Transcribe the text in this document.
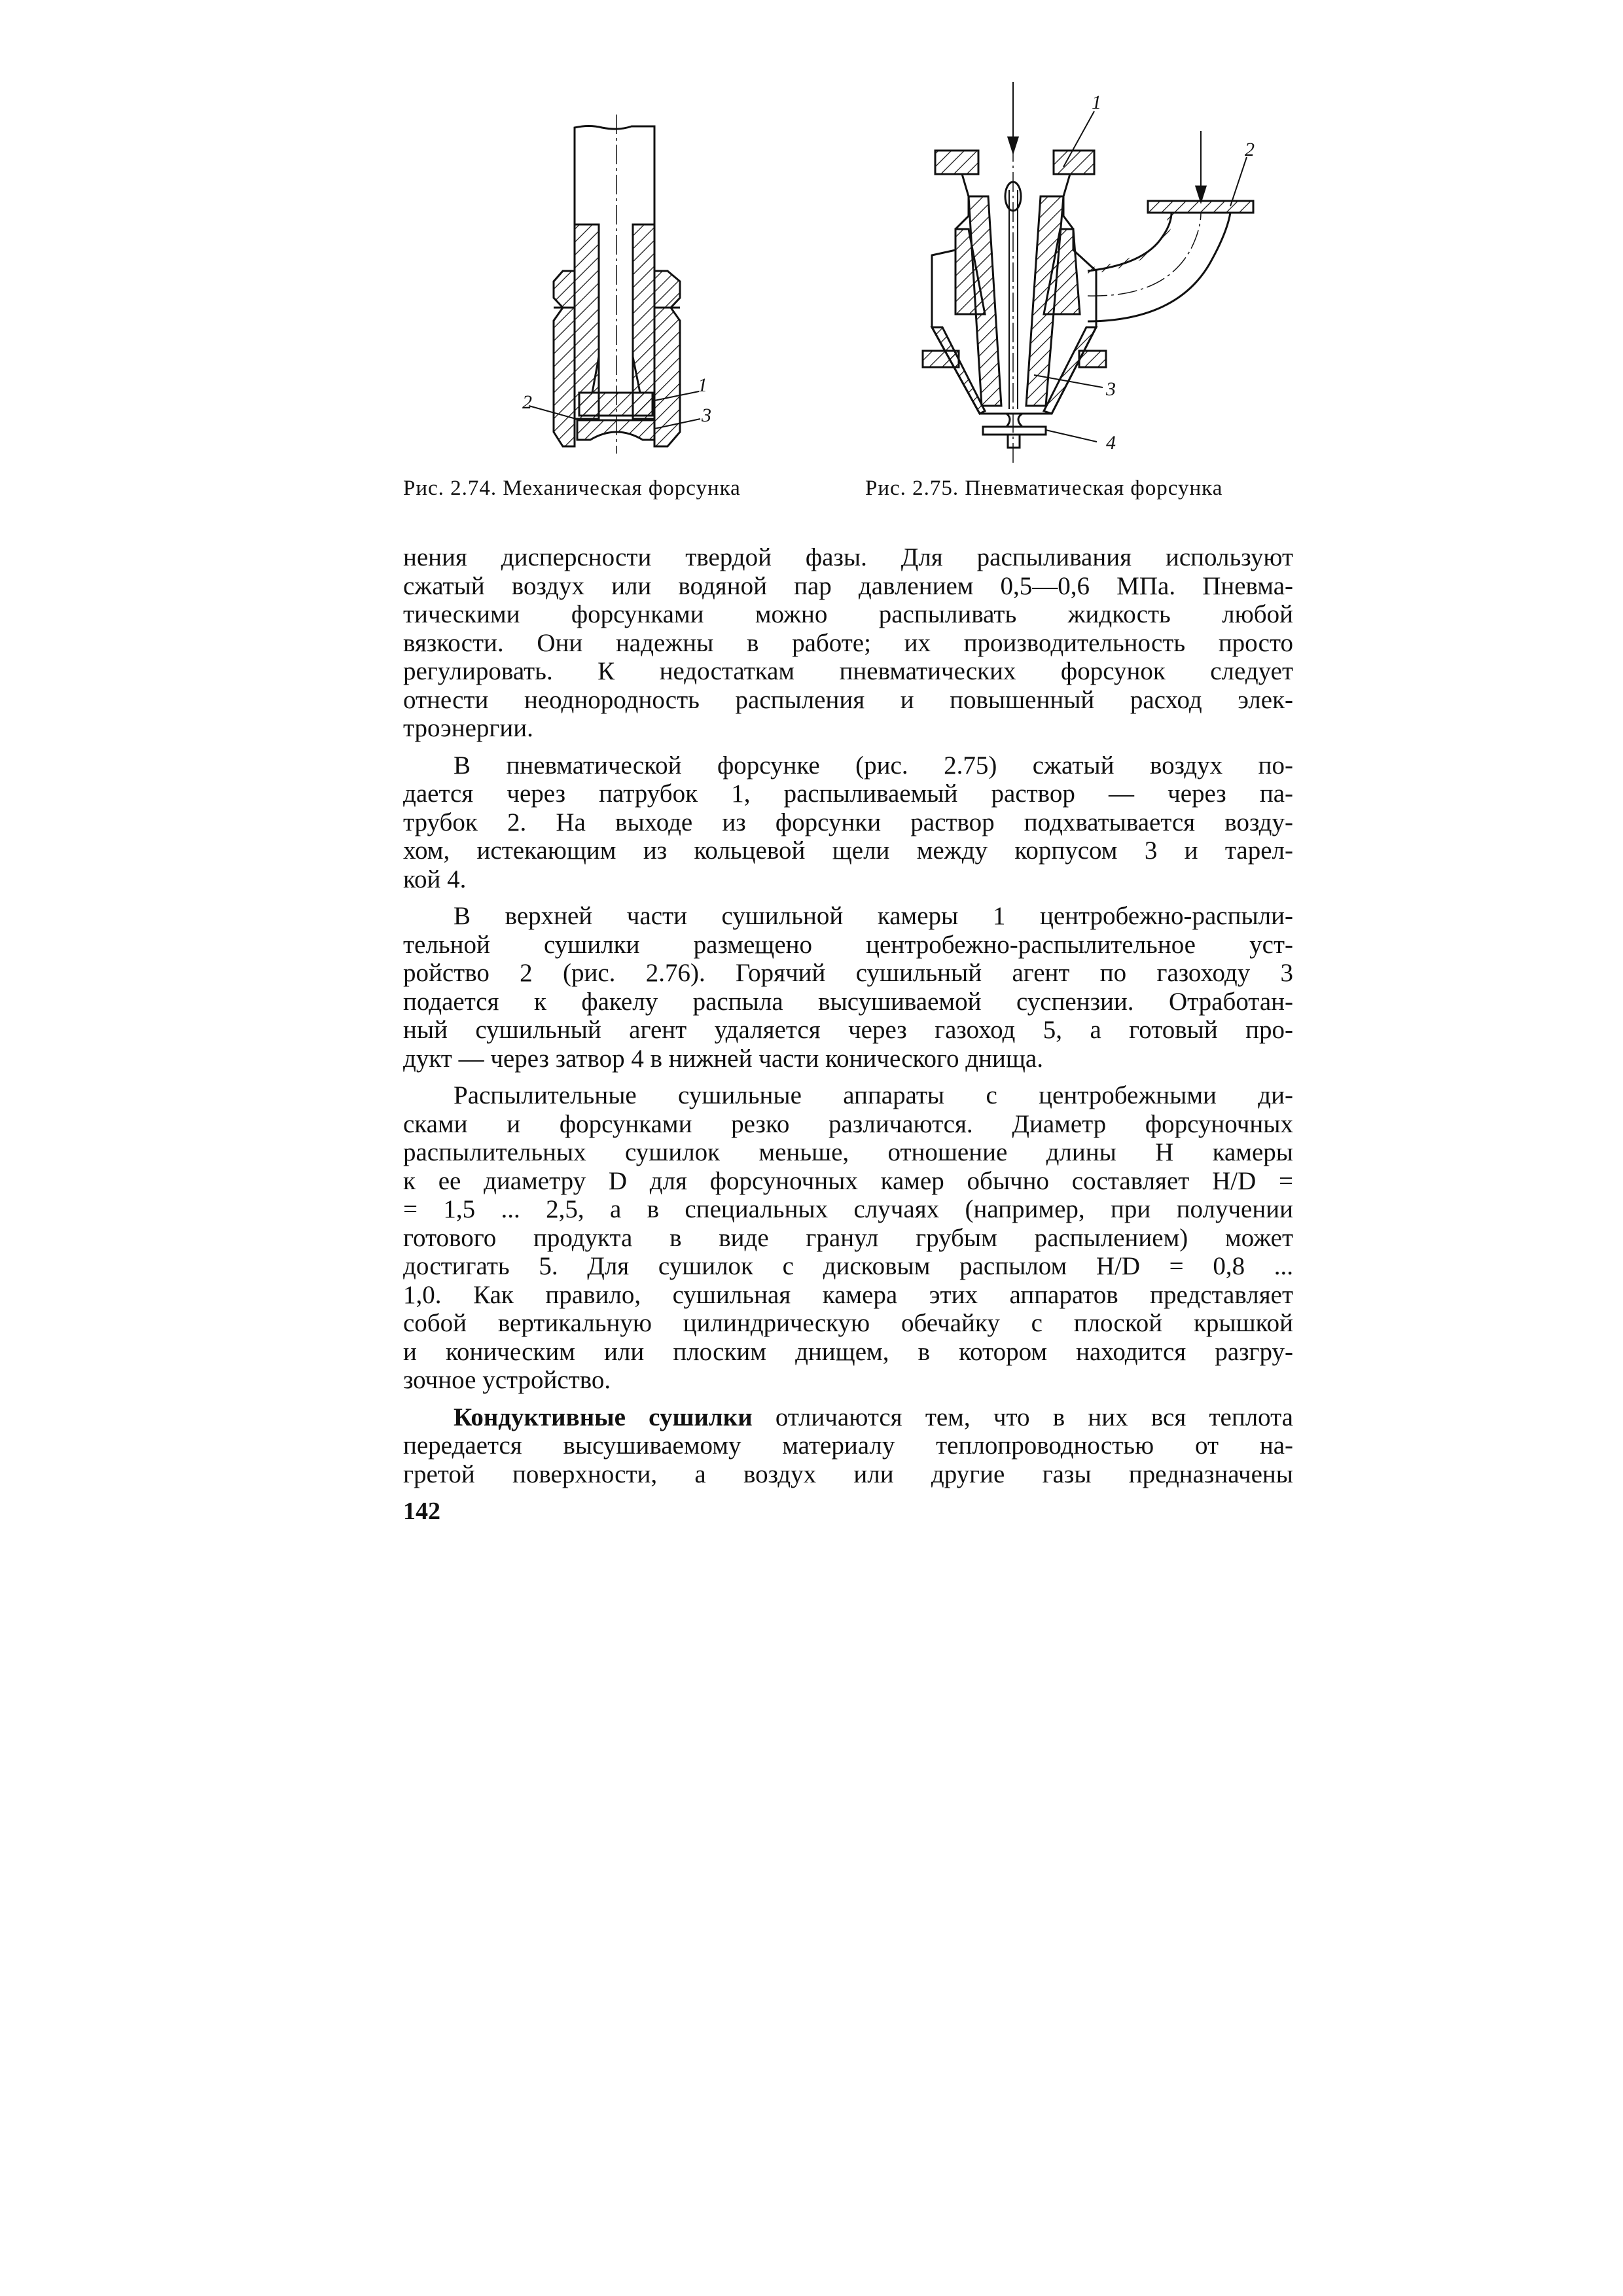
1
2
3
1
2
3
4
Рис. 2.74. Механическая форсунка	Рис. 2.75. Пневматическая форсунка
нения дисперсности твердой фазы. Для распыливания используют
сжатый воздух или водяной пар давлением 0,5—0,6 МПа. Пневма-
тическими форсунками можно распыливать жидкость любой
вязкости. Они надежны в работе; их производительность просто
регулировать. К недостаткам пневматических форсунок следует
отнести неоднородность распыления и повышенный расход элек-
троэнергии.
В пневматической форсунке (рис. 2.75) сжатый воздух по-
дается через патрубок 1, распыливаемый раствор — через па-
трубок 2. На выходе из форсунки раствор подхватывается возду-
хом, истекающим из кольцевой щели между корпусом 3 и тарел-
кой 4.
В верхней части сушильной камеры 1 центробежно-распыли-
тельной сушилки размещено центробежно-распылительное уст-
ройство 2 (рис. 2.76). Горячий сушильный агент по газоходу 3
подается к факелу распыла высушиваемой суспензии. Отработан-
ный сушильный агент удаляется через газоход 5, а готовый про-
дукт — через затвор 4 в нижней части конического днища.
Распылительные сушильные аппараты с центробежными ди-
сками и форсунками резко различаются. Диаметр форсуночных
распылительных сушилок меньше, отношение длины H камеры
к ее диаметру D для форсуночных камер обычно составляет H/D =
= 1,5 ... 2,5, а в специальных случаях (например, при получении
готового продукта в виде гранул грубым распылением) может
достигать 5. Для сушилок с дисковым распылом H/D = 0,8 ...
1,0. Как правило, сушильная камера этих аппаратов представляет
собой вертикальную цилиндрическую обечайку с плоской крышкой
и коническим или плоским днищем, в котором находится разгру-
зочное устройство.
Кондуктивные сушилки отличаются тем, что в них вся теплота
передается высушиваемому материалу теплопроводностью от на-
гретой поверхности, а воздух или другие газы предназначены
142
